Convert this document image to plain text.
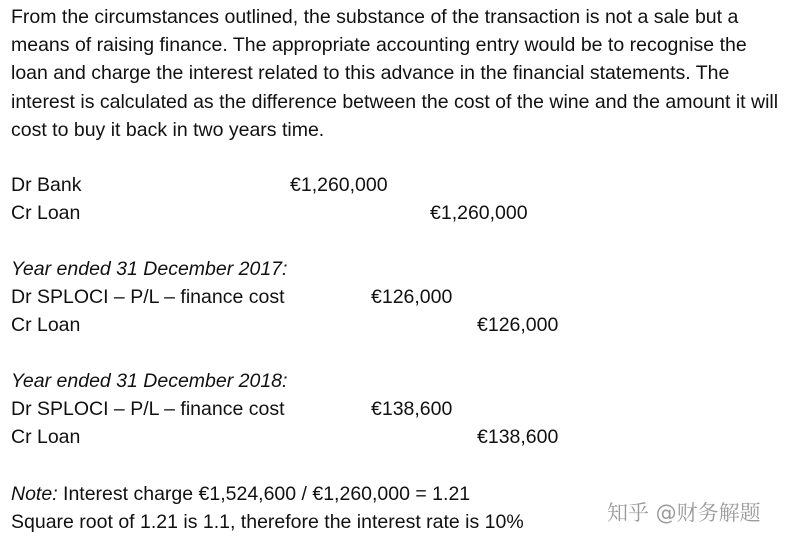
From the circumstances outlined, the substance of the transaction is not a sale but a means of raising finance. The appropriate accounting entry would be to recognise the loan and charge the interest related to this advance in the financial statements. The interest is calculated as the difference between the cost of the wine and the amount it will cost to buy it back in two years time.
Dr Bank	€1,260,000
Cr Loan	€1,260,000
Year ended 31 December 2017:
Dr SPLOCI – P/L – finance cost	€126,000
Cr Loan	€126,000
Year ended 31 December 2018:
Dr SPLOCI – P/L – finance cost	€138,600
Cr Loan	€138,600
Note: Interest charge €1,524,600 / €1,260,000 = 1.21
Square root of 1.21 is 1.1, therefore the interest rate is 10%	知乎 @财务解题
